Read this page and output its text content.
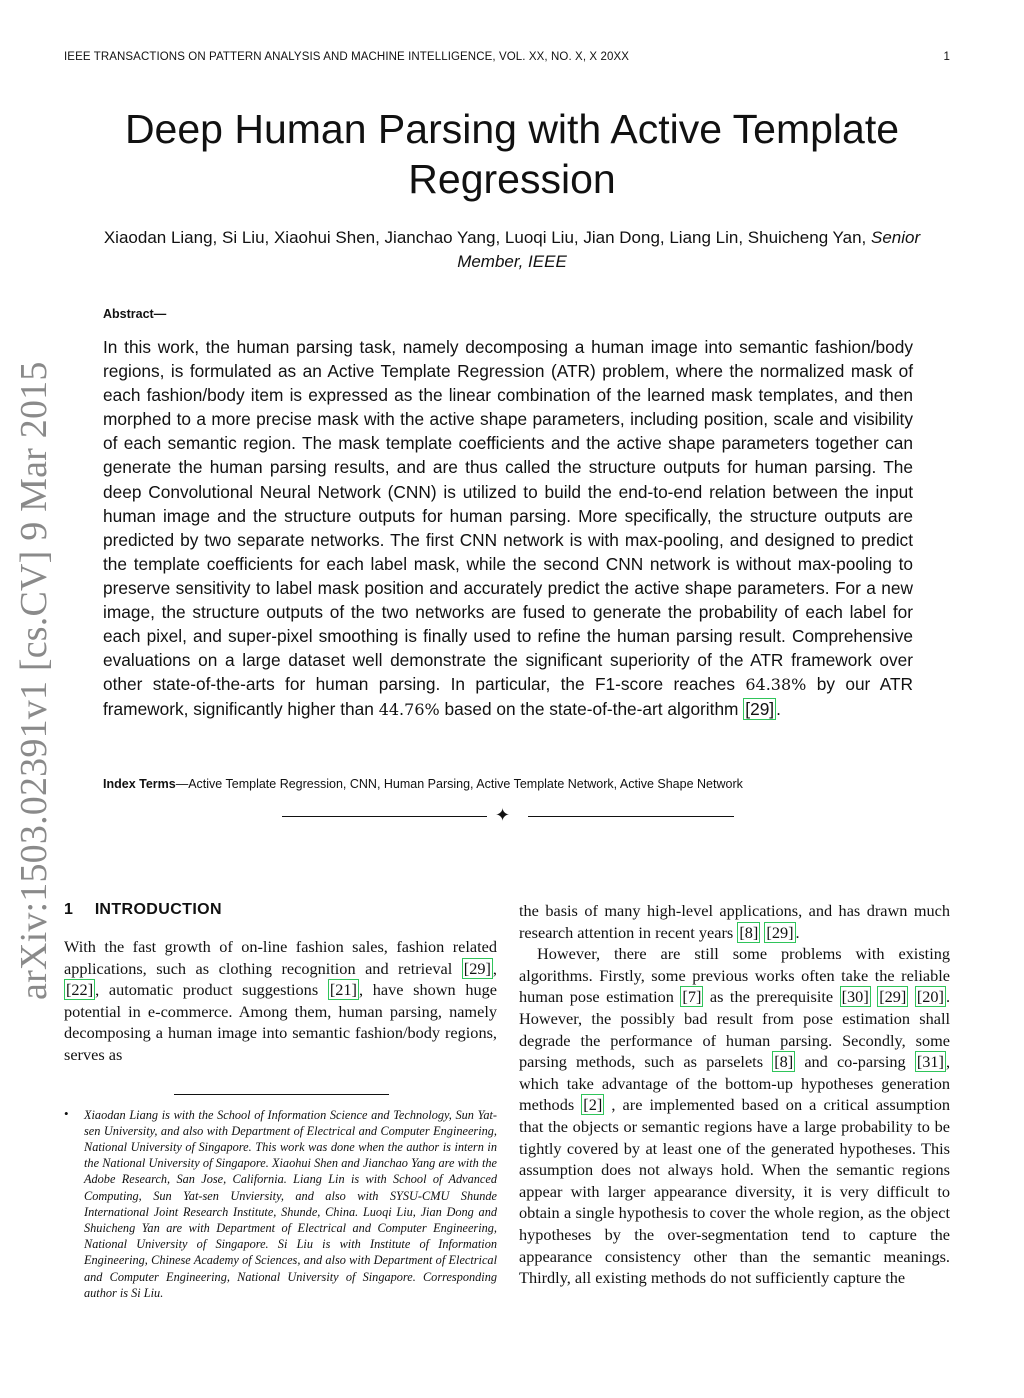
IEEE TRANSACTIONS ON PATTERN ANALYSIS AND MACHINE INTELLIGENCE, VOL. XX, NO. X, X 20XX	1
Deep Human Parsing with Active Template Regression
Xiaodan Liang, Si Liu, Xiaohui Shen, Jianchao Yang, Luoqi Liu, Jian Dong, Liang Lin, Shuicheng Yan, Senior Member, IEEE
Abstract—

In this work, the human parsing task, namely decomposing a human image into semantic fashion/body regions, is formulated as an Active Template Regression (ATR) problem, where the normalized mask of each fashion/body item is expressed as the linear combination of the learned mask templates, and then morphed to a more precise mask with the active shape parameters, including position, scale and visibility of each semantic region. The mask template coefficients and the active shape parameters together can generate the human parsing results, and are thus called the structure outputs for human parsing. The deep Convolutional Neural Network (CNN) is utilized to build the end-to-end relation between the input human image and the structure outputs for human parsing. More specifically, the structure outputs are predicted by two separate networks. The first CNN network is with max-pooling, and designed to predict the template coefficients for each label mask, while the second CNN network is without max-pooling to preserve sensitivity to label mask position and accurately predict the active shape parameters. For a new image, the structure outputs of the two networks are fused to generate the probability of each label for each pixel, and super-pixel smoothing is finally used to refine the human parsing result. Comprehensive evaluations on a large dataset well demonstrate the significant superiority of the ATR framework over other state-of-the-arts for human parsing. In particular, the F1-score reaches 64.38% by our ATR framework, significantly higher than 44.76% based on the state-of-the-art algorithm [29] .

Index Terms—Active Template Regression, CNN, Human Parsing, Active Template Network, Active Shape Network
✦
arXiv:1503.02391v1 [cs.CV] 9 Mar 2015 1 INTRODUCTION

With the fast growth of on-line fashion sales, fashion related applications, such as clothing recognition and retrieval [29] , [22] , automatic product suggestions [21] , have shown huge potential in e-commerce. Among them, human parsing, namely decomposing a human image into semantic fashion/body regions, serves as

• Xiaodan Liang is with the School of Information Science and Technology, Sun Yat-sen University, and also with Department of Electrical and Computer Engineering, National University of Singapore. This work was done when the author is intern in the National University of Singapore. Xiaohui Shen and Jianchao Yang are with the Adobe Research, San Jose, California. Liang Lin is with School of Advanced Computing, Sun Yat-sen Unviersity, and also with SYSU-CMU Shunde International Joint Research Institute, Shunde, China. Luoqi Liu, Jian Dong and Shuicheng Yan are with Department of Electrical and Computer Engineering, National University of Singapore. Si Liu is with Institute of Information Engineering, Chinese Academy of Sciences, and also with Department of Electrical and Computer Engineering, National University of Singapore. Corresponding author is Si Liu.

the basis of many high-level applications, and has drawn much research attention in recent years [8] [29] .

However, there are still some problems with existing algorithms. Firstly, some previous works often take the reliable human pose estimation [7] as the prerequisite [30] [29] [20] . However, the possibly bad result from pose estimation shall degrade the performance of human parsing. Secondly, some parsing methods, such as parselets [8] and co-parsing [31] , which take advantage of the bottom-up hypotheses generation methods [2] , are implemented based on a critical assumption that the objects or semantic regions have a large probability to be tightly covered by at least one of the generated hypotheses. This assumption does not always hold. When the semantic regions appear with larger appearance diversity, it is very difficult to obtain a single hypothesis to cover the whole region, as the object hypotheses by the over-segmentation tend to capture the appearance consistency other than the semantic meanings. Thirdly, all existing methods do not sufficiently capture the
